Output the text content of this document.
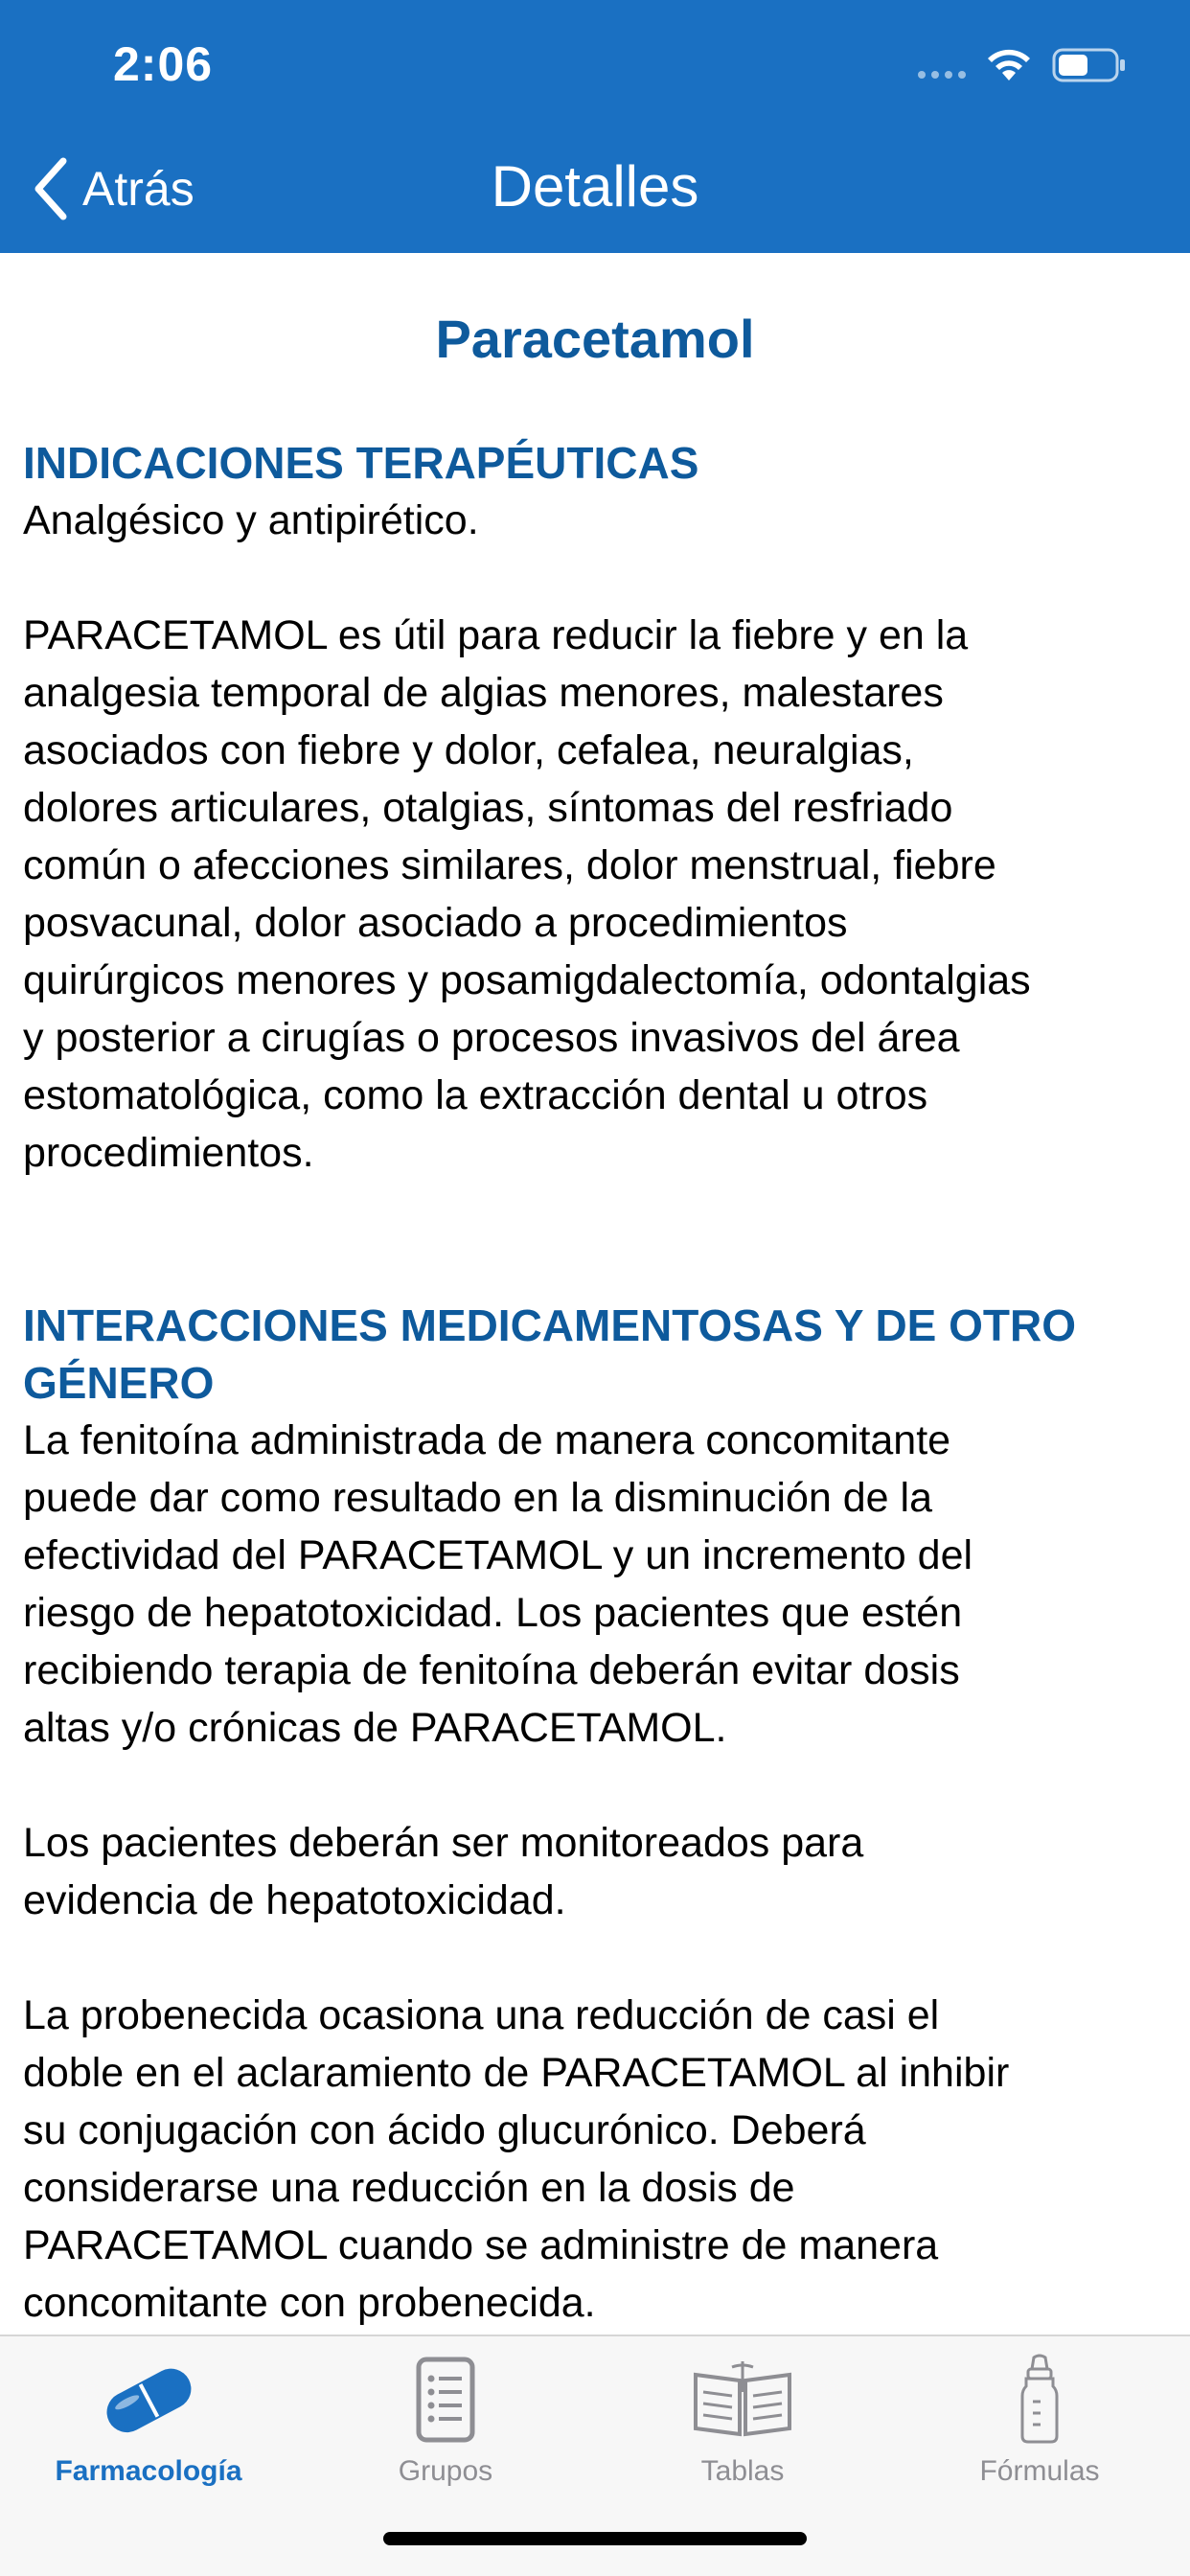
2:06
Atrás	Detalles
Paracetamol
INDICACIONES TERAPÉUTICAS
Analgésico y antipirético.
PARACETAMOL es útil para reducir la fiebre y en la
analgesia temporal de algias menores, malestares
asociados con fiebre y dolor, cefalea, neuralgias,
dolores articulares, otalgias, síntomas del resfriado
común o afecciones similares, dolor menstrual, fiebre
posvacunal, dolor asociado a procedimientos
quirúrgicos menores y posamigdalectomía, odontalgias
y posterior a cirugías o procesos invasivos del área
estomatológica, como la extracción dental u otros
procedimientos.
INTERACCIONES MEDICAMENTOSAS Y DE OTRO
GÉNERO
La fenitoína administrada de manera concomitante
puede dar como resultado en la disminución de la
efectividad del PARACETAMOL y un incremento del
riesgo de hepatotoxicidad. Los pacientes que estén
recibiendo terapia de fenitoína deberán evitar dosis
altas y/o crónicas de PARACETAMOL.
Los pacientes deberán ser monitoreados para
evidencia de hepatotoxicidad.
La probenecida ocasiona una reducción de casi el
doble en el aclaramiento de PARACETAMOL al inhibir
su conjugación con ácido glucurónico. Deberá
considerarse una reducción en la dosis de
PARACETAMOL cuando se administre de manera
concomitante con probenecida.
Farmacología	Grupos	Tablas	Fórmulas
